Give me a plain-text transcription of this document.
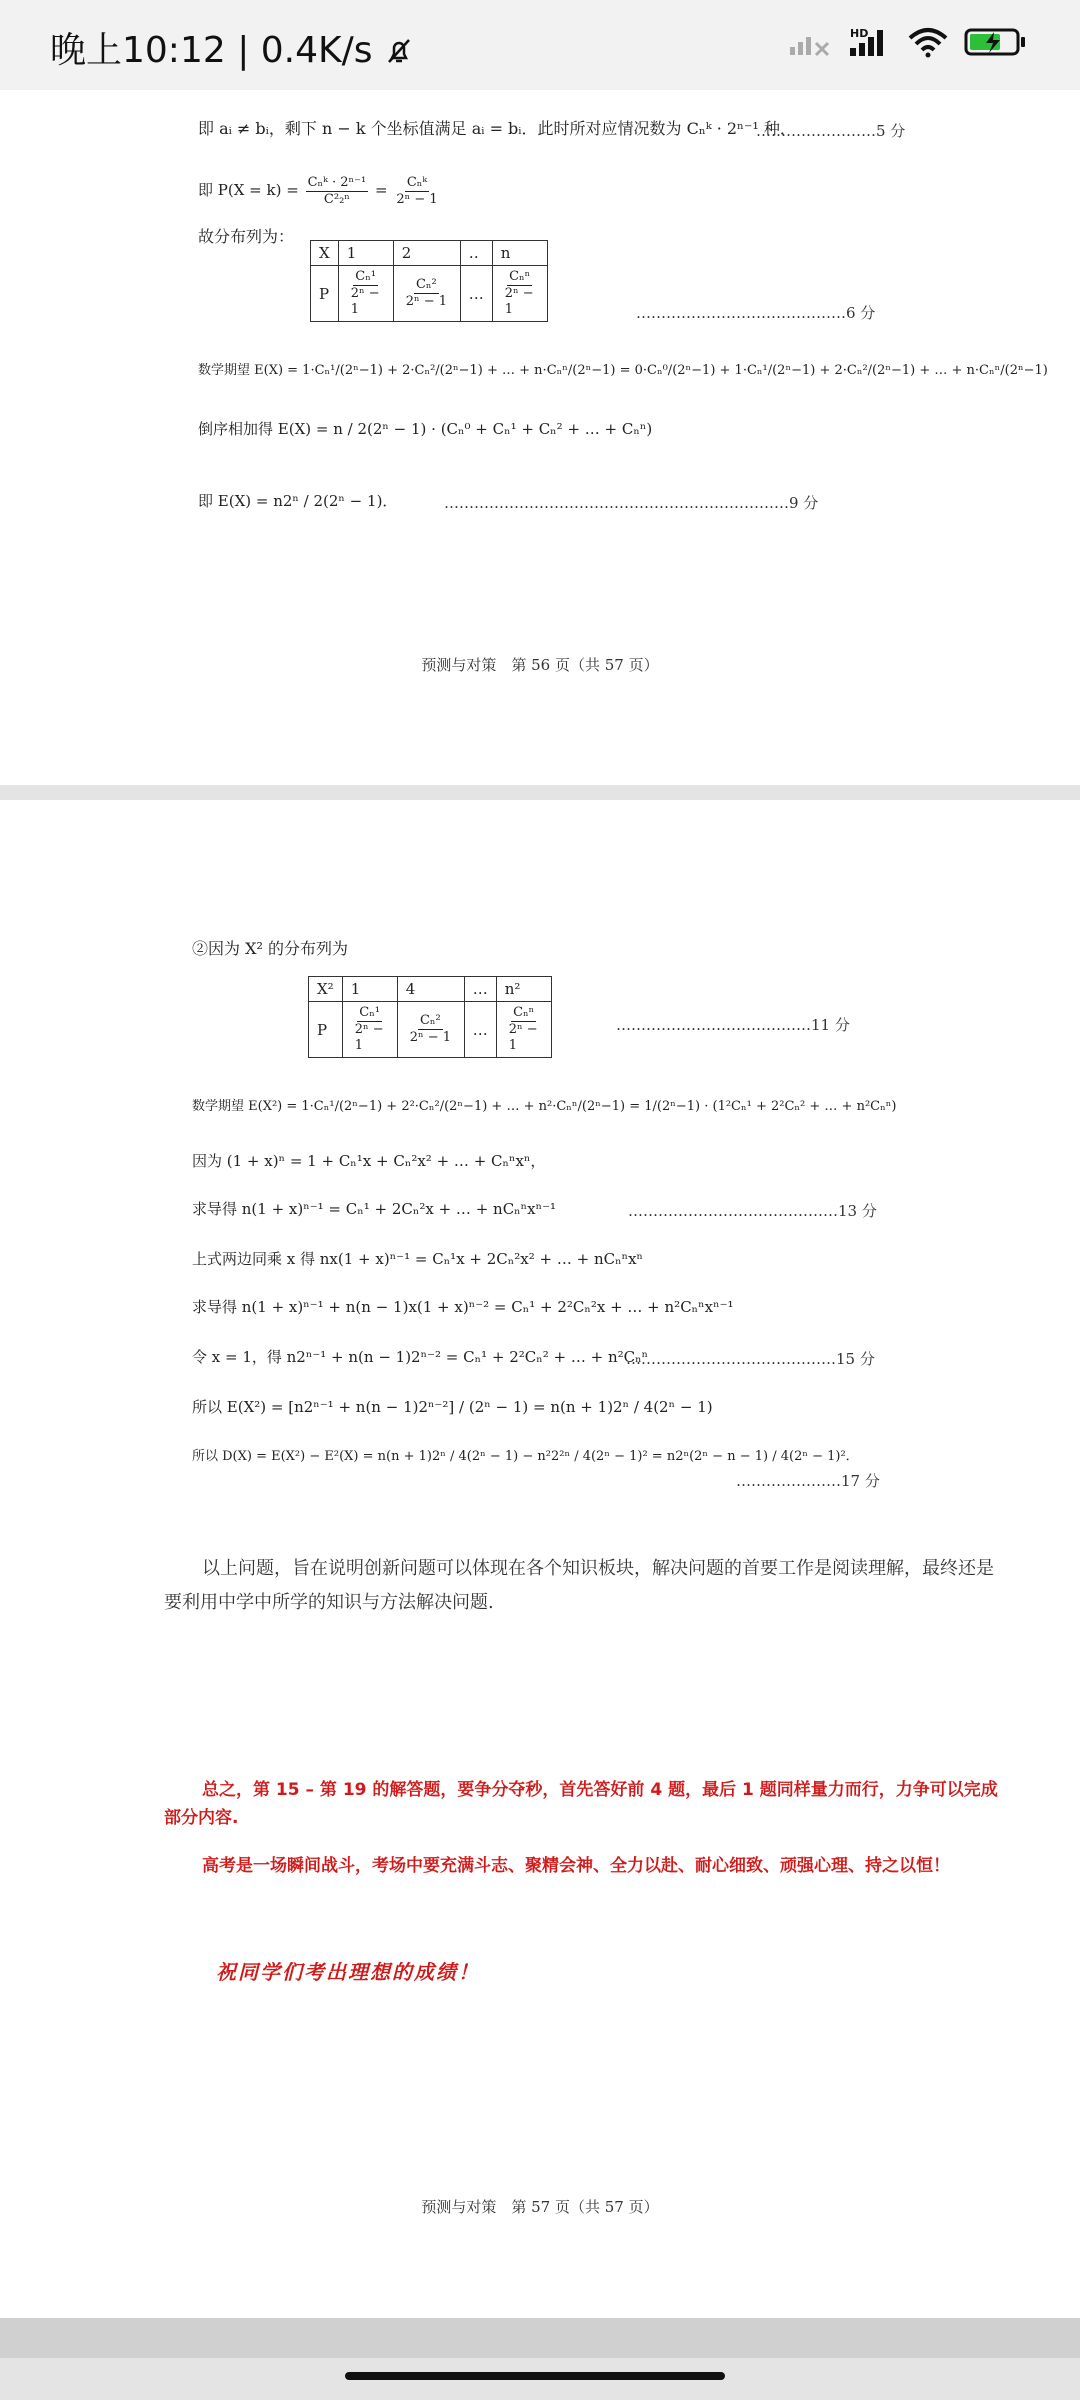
晚上10:12 | 0.4K/s	HD
即 aᵢ ≠ bᵢ，剩下 n − k 个坐标值满足 aᵢ = bᵢ．此时所对应情况数为 Cₙᵏ · 2ⁿ⁻¹ 种．
……………………5 分
即 $P(X = k) = \frac{\text{Cₙᵏ · 2ⁿ⁻¹}}{\text{C²₂ⁿ}} = \frac{\text{Cₙᵏ}}{\text{2ⁿ − 1}}$
故分布列为：
X	1	2	‥	n
P	$\frac{\text{Cₙ¹}}{\text{2ⁿ − 1}}$	$\frac{\text{Cₙ²}}{\text{2ⁿ − 1}}$	…	$\frac{\text{Cₙⁿ}}{\text{2ⁿ − 1}}$	……………………………………6 分
数学期望 E(X) = 1·Cₙ¹/(2ⁿ−1) + 2·Cₙ²/(2ⁿ−1) + … + n·Cₙⁿ/(2ⁿ−1) = 0·Cₙ⁰/(2ⁿ−1) + 1·Cₙ¹/(2ⁿ−1) + 2·Cₙ²/(2ⁿ−1) + … + n·Cₙⁿ/(2ⁿ−1)
倒序相加得 E(X) = n / 2(2ⁿ − 1) · (Cₙ⁰ + Cₙ¹ + Cₙ² + … + Cₙⁿ)
即 E(X) = n2ⁿ / 2(2ⁿ − 1)．	……………………………………………………………9 分
预测与对策　第 56 页（共 57 页）
②因为 X² 的分布列为
X²	1	4	…	n²
P	$\frac{\text{Cₙ¹}}{\text{2ⁿ − 1}}$	$\frac{\text{Cₙ²}}{\text{2ⁿ − 1}}$	…	$\frac{\text{Cₙⁿ}}{\text{2ⁿ − 1}}$	…………………………………11 分
数学期望 E(X²) = 1·Cₙ¹/(2ⁿ−1) + 2²·Cₙ²/(2ⁿ−1) + … + n²·Cₙⁿ/(2ⁿ−1) = 1/(2ⁿ−1) · (1²Cₙ¹ + 2²Cₙ² + … + n²Cₙⁿ)
因为 (1 + x)ⁿ = 1 + Cₙ¹x + Cₙ²x² + … + Cₙⁿxⁿ，
求导得 n(1 + x)ⁿ⁻¹ = Cₙ¹ + 2Cₙ²x + … + nCₙⁿxⁿ⁻¹	……………………………………13 分
上式两边同乘 x 得 nx(1 + x)ⁿ⁻¹ = Cₙ¹x + 2Cₙ²x² + … + nCₙⁿxⁿ
求导得 n(1 + x)ⁿ⁻¹ + n(n − 1)x(1 + x)ⁿ⁻² = Cₙ¹ + 2²Cₙ²x + … + n²Cₙⁿxⁿ⁻¹
令 x = 1，得 n2ⁿ⁻¹ + n(n − 1)2ⁿ⁻² = Cₙ¹ + 2²Cₙ² + … + n²Cₙⁿ
……………………………………15 分
所以 E(X²) = [n2ⁿ⁻¹ + n(n − 1)2ⁿ⁻²] / (2ⁿ − 1) = n(n + 1)2ⁿ / 4(2ⁿ − 1)
所以 D(X) = E(X²) − E²(X) = n(n + 1)2ⁿ / 4(2ⁿ − 1) − n²2²ⁿ / 4(2ⁿ − 1)² = n2ⁿ(2ⁿ − n − 1) / 4(2ⁿ − 1)²．
…………………17 分
以上问题，旨在说明创新问题可以体现在各个知识板块，解决问题的首要工作是阅读理解，最终还是要利用中学中所学的知识与方法解决问题.
总之，第 15 – 第 19 的解答题，要争分夺秒，首先答好前 4 题，最后 1 题同样量力而行，力争可以完成部分内容.
高考是一场瞬间战斗，考场中要充满斗志、聚精会神、全力以赴、耐心细致、顽强心理、持之以恒！
祝同学们考出理想的成绩！
预测与对策　第 57 页（共 57 页）
